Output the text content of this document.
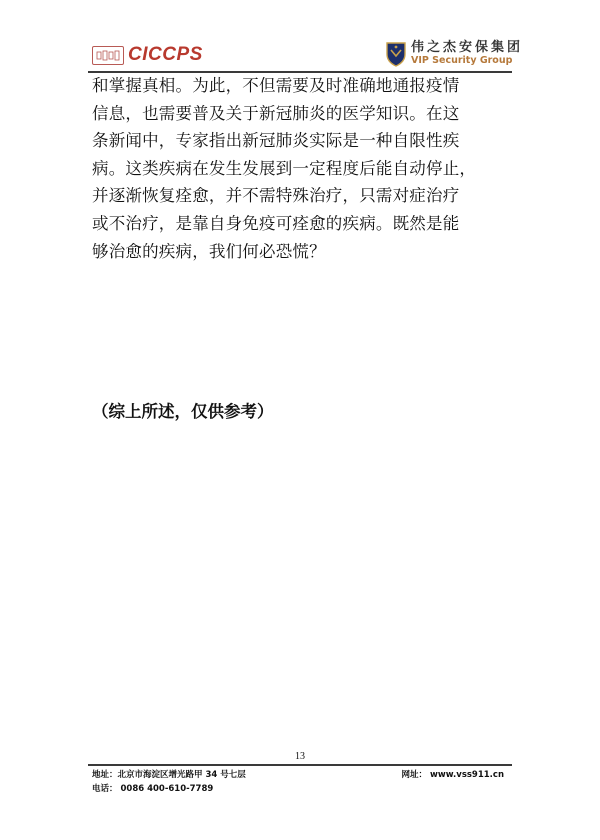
CICCPS	伟之杰安保集团
VIP Security Group

和掌握真相。为此，不但需要及时准确地通报疫情
信息，也需要普及关于新冠肺炎的医学知识。在这
条新闻中，专家指出新冠肺炎实际是一种自限性疾
病。这类疾病在发生发展到一定程度后能自动停止，
并逐渐恢复痊愈，并不需特殊治疗，只需对症治疗
或不治疗，是靠自身免疫可痊愈的疾病。既然是能
够治愈的疾病，我们何必恐慌？

（综上所述，仅供参考）
13
地址：北京市海淀区增光路甲 34 号七层	网址： www.vss911.cn
电话： 0086 400-610-7789
